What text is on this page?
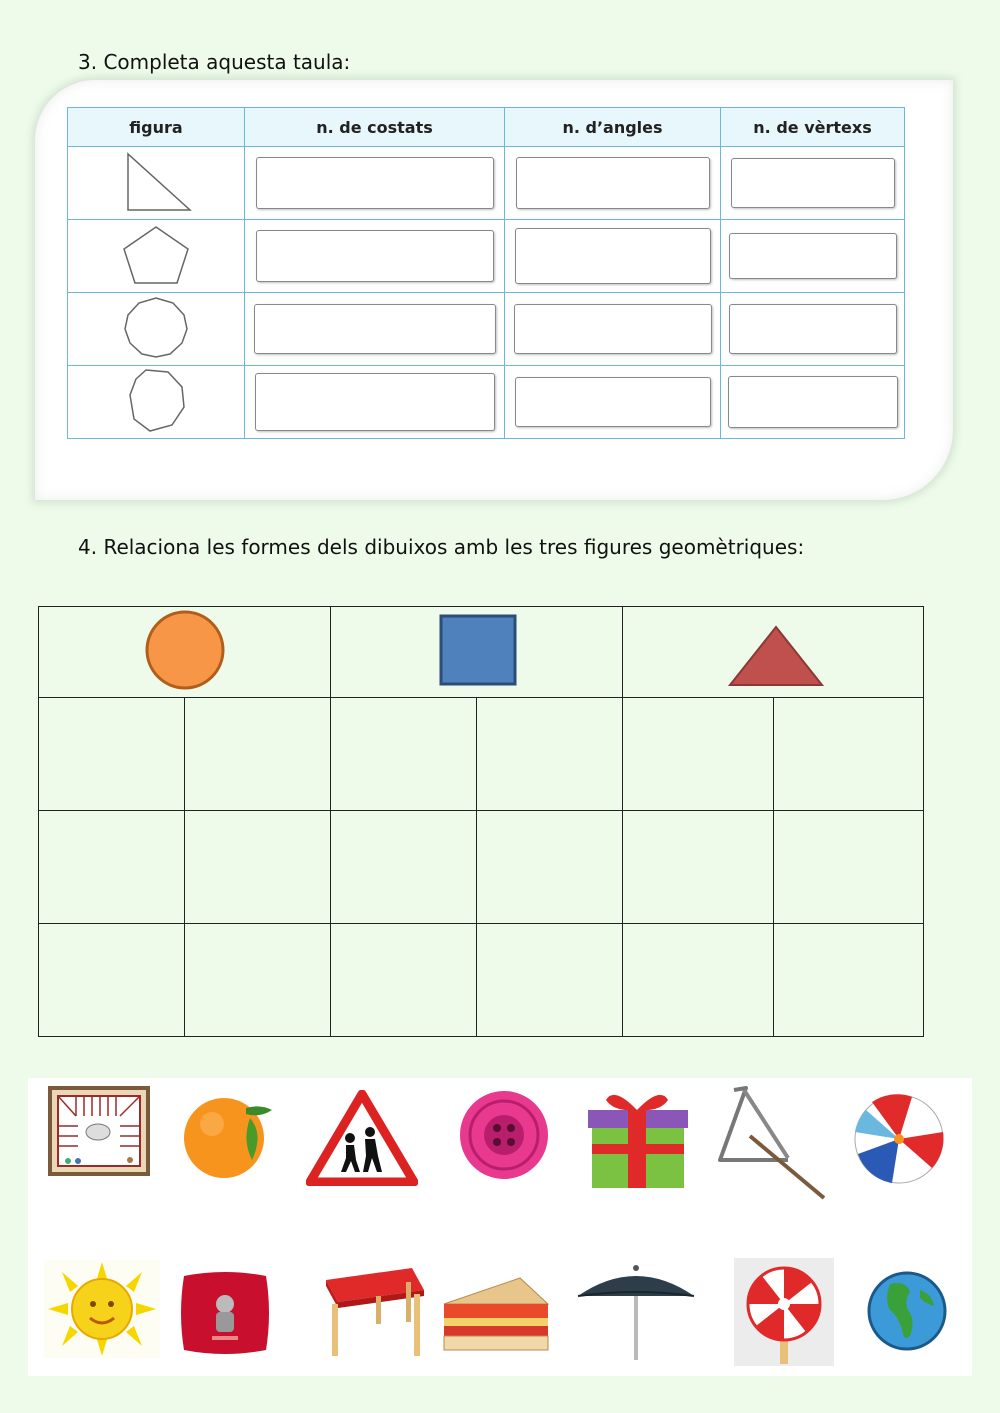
3. Completa aquesta taula:
figura	n. de costats	n. d’angles	n. de vèrtexs

4. Relaciona les formes dels dibuixos amb les tres figures geomètriques:
